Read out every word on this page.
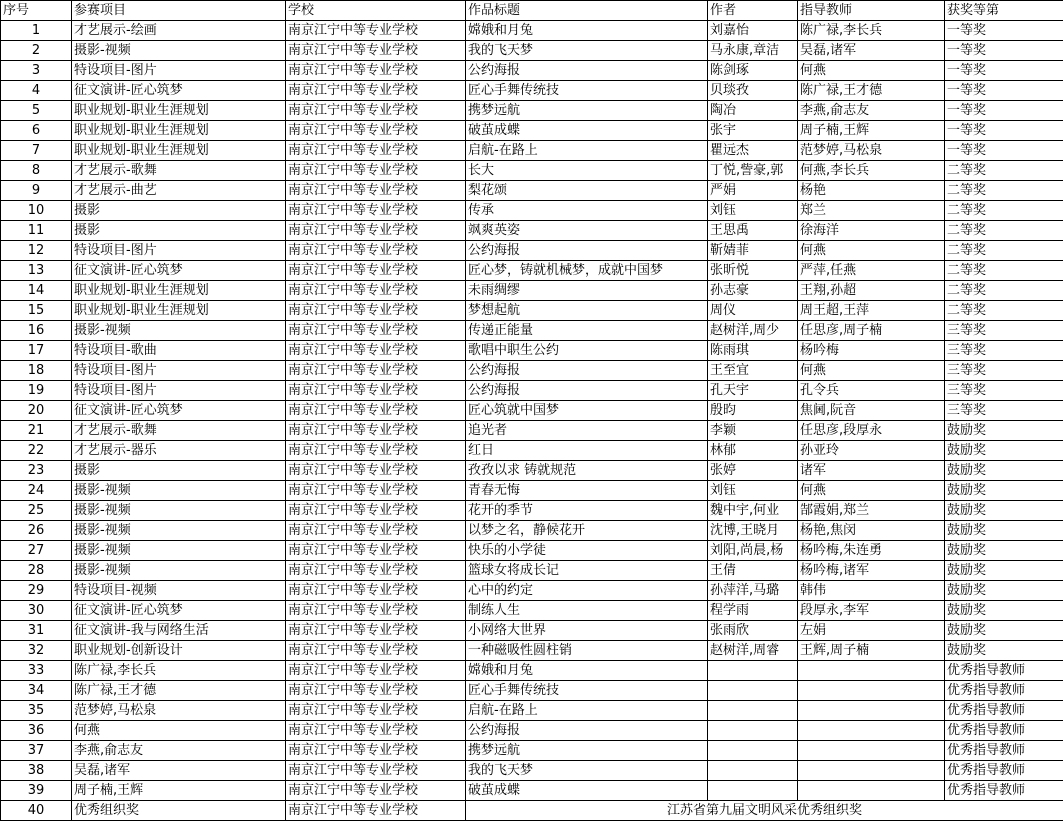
序号	参赛项目	学校	作品标题	作者	指导教师	获奖等第
1	才艺展示-绘画	南京江宁中等专业学校	嫦娥和月兔	刘嘉怡	陈广禄,李长兵	一等奖
2	摄影-视频	南京江宁中等专业学校	我的飞天梦	马永康,章洁	吴磊,诸军	一等奖
3	特设项目-图片	南京江宁中等专业学校	公约海报	陈剑琢	何燕	一等奖
4	征文演讲-匠心筑梦	南京江宁中等专业学校	匠心手舞传统技	贝琰孜	陈广禄,王才德	一等奖
5	职业规划-职业生涯规划	南京江宁中等专业学校	携梦远航	陶冶	李燕,俞志友	一等奖
6	职业规划-职业生涯规划	南京江宁中等专业学校	破茧成蝶	张宇	周子楠,王辉	一等奖
7	职业规划-职业生涯规划	南京江宁中等专业学校	启航-在路上	瞿远杰	范梦婷,马松泉	一等奖
8	才艺展示-歌舞	南京江宁中等专业学校	长大	丁悦,訾豪,郭	何燕,李长兵	二等奖
9	才艺展示-曲艺	南京江宁中等专业学校	梨花颂	严娟	杨艳	二等奖
10	摄影	南京江宁中等专业学校	传承	刘钰	郑兰	二等奖
11	摄影	南京江宁中等专业学校	飒爽英姿	王思禹	徐海洋	二等奖
12	特设项目-图片	南京江宁中等专业学校	公约海报	靳婧菲	何燕	二等奖
13	征文演讲-匠心筑梦	南京江宁中等专业学校	匠心梦，铸就机械梦，成就中国梦	张昕悦	严萍,任燕	二等奖
14	职业规划-职业生涯规划	南京江宁中等专业学校	未雨绸缪	孙志豪	王翔,孙超	二等奖
15	职业规划-职业生涯规划	南京江宁中等专业学校	梦想起航	周仪	周王超,王萍	二等奖
16	摄影-视频	南京江宁中等专业学校	传递正能量	赵树洋,周少	任思彦,周子楠	三等奖
17	特设项目-歌曲	南京江宁中等专业学校	歌唱中职生公约	陈雨琪	杨吟梅	三等奖
18	特设项目-图片	南京江宁中等专业学校	公约海报	王至宜	何燕	三等奖
19	特设项目-图片	南京江宁中等专业学校	公约海报	孔天宇	孔令兵	三等奖
20	征文演讲-匠心筑梦	南京江宁中等专业学校	匠心筑就中国梦	殷昀	焦阃,阮音	三等奖
21	才艺展示-歌舞	南京江宁中等专业学校	追光者	李颖	任思彦,段厚永	鼓励奖
22	才艺展示-器乐	南京江宁中等专业学校	红日	林郁	孙亚玲	鼓励奖
23	摄影	南京江宁中等专业学校	孜孜以求 铸就规范	张婷	诸军	鼓励奖
24	摄影-视频	南京江宁中等专业学校	青春无悔	刘钰	何燕	鼓励奖
25	摄影-视频	南京江宁中等专业学校	花开的季节	魏中宇,何业	郜霞娟,郑兰	鼓励奖
26	摄影-视频	南京江宁中等专业学校	以梦之名，静候花开	沈博,王晓月	杨艳,焦闵	鼓励奖
27	摄影-视频	南京江宁中等专业学校	快乐的小学徒	刘阳,尚晨,杨	杨吟梅,朱连勇	鼓励奖
28	摄影-视频	南京江宁中等专业学校	篮球女将成长记	王倩	杨吟梅,诸军	鼓励奖
29	特设项目-视频	南京江宁中等专业学校	心中的约定	孙萍洋,马璐	韩伟	鼓励奖
30	征文演讲-匠心筑梦	南京江宁中等专业学校	制练人生	程学雨	段厚永,李军	鼓励奖
31	征文演讲-我与网络生活	南京江宁中等专业学校	小网络大世界	张雨欣	左娟	鼓励奖
32	职业规划-创新设计	南京江宁中等专业学校	一种磁吸性圆柱销	赵树洋,周睿	王辉,周子楠	鼓励奖
33	陈广禄,李长兵	南京江宁中等专业学校	嫦娥和月兔			优秀指导教师
34	陈广禄,王才德	南京江宁中等专业学校	匠心手舞传统技			优秀指导教师
35	范梦婷,马松泉	南京江宁中等专业学校	启航-在路上			优秀指导教师
36	何燕	南京江宁中等专业学校	公约海报			优秀指导教师
37	李燕,俞志友	南京江宁中等专业学校	携梦远航			优秀指导教师
38	吴磊,诸军	南京江宁中等专业学校	我的飞天梦			优秀指导教师
39	周子楠,王辉	南京江宁中等专业学校	破茧成蝶			优秀指导教师
40	优秀组织奖	南京江宁中等专业学校	江苏省第九届文明风采优秀组织奖			
